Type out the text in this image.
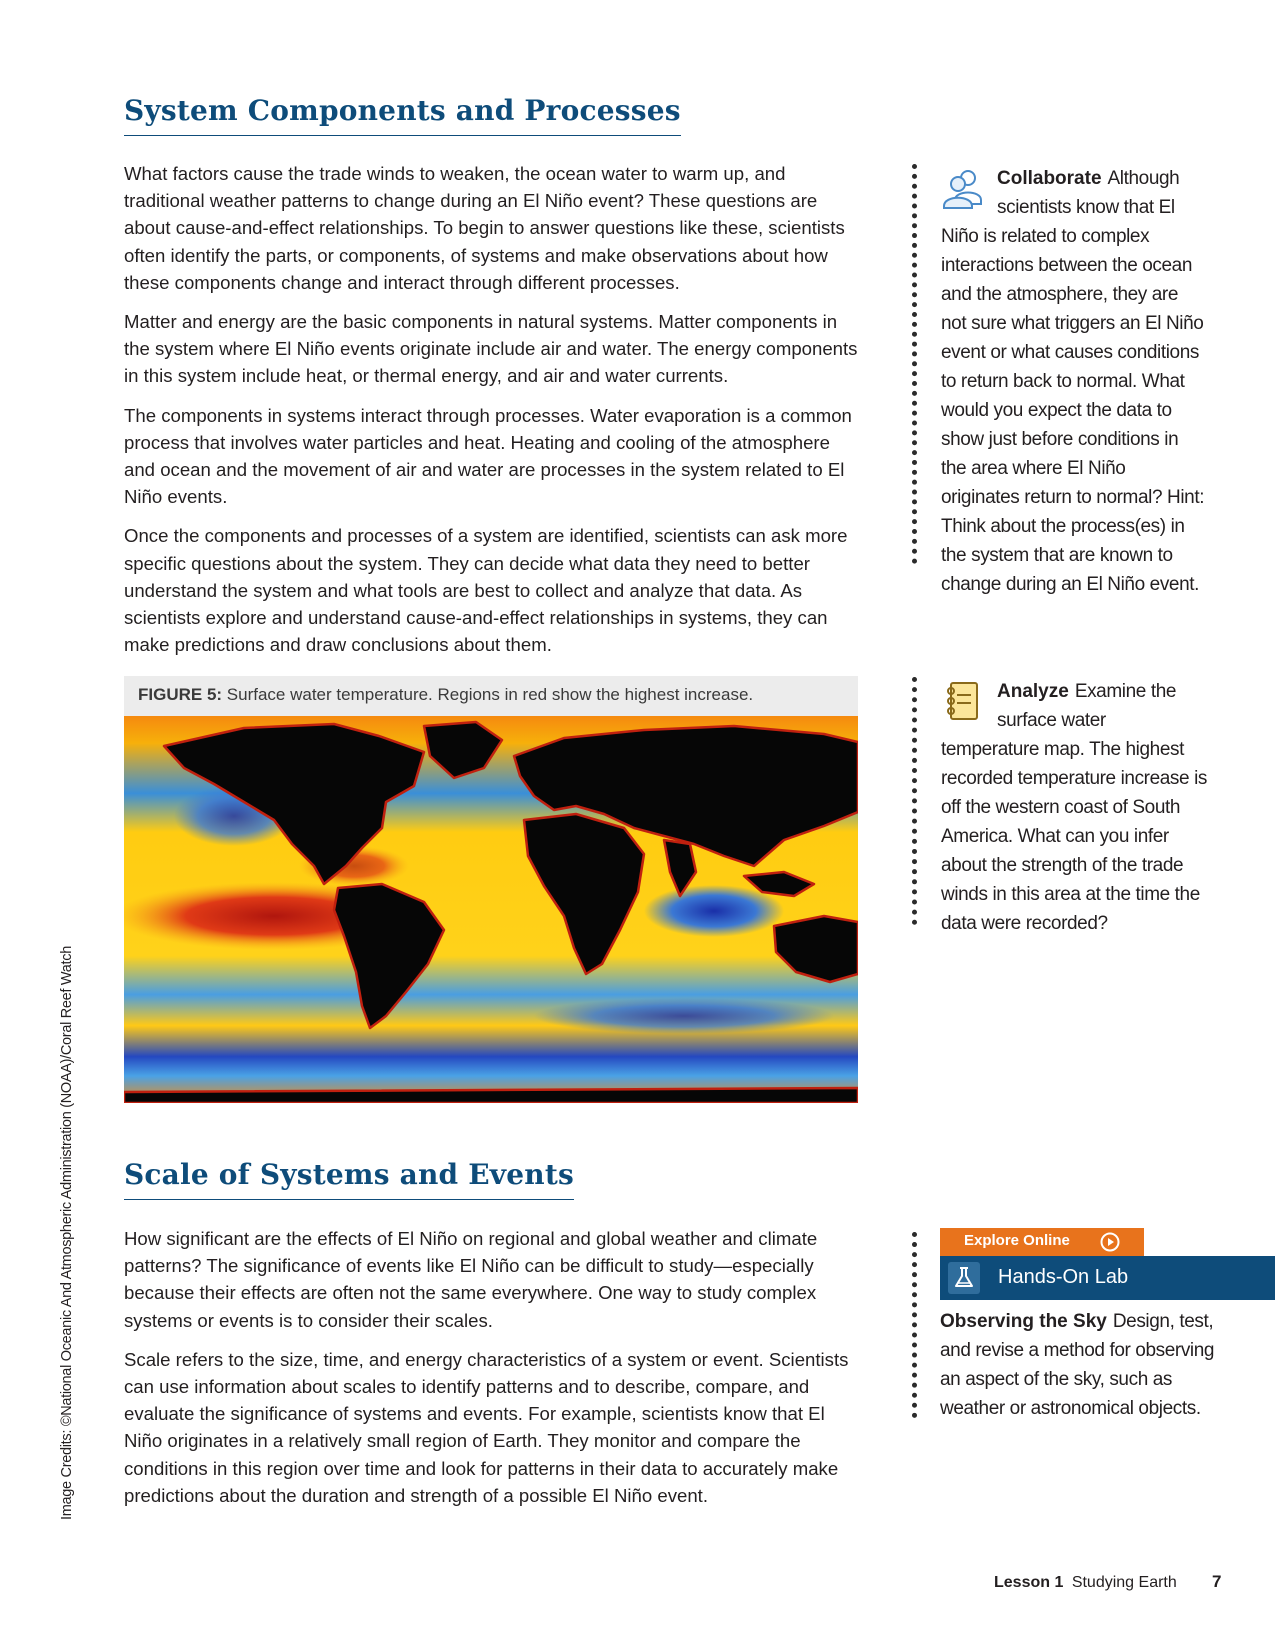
System Components and Processes

What factors cause the trade winds to weaken, the ocean water to warm up, and traditional weather patterns to change during an El Niño event? These questions are about cause-and-effect relationships. To begin to answer questions like these, scientists often identify the parts, or components, of systems and make observations about how these components change and interact through different processes.

Matter and energy are the basic components in natural systems. Matter components in the system where El Niño events originate include air and water. The energy components in this system include heat, or thermal energy, and air and water currents.

The components in systems interact through processes. Water evaporation is a common process that involves water particles and heat. Heating and cooling of the atmosphere and ocean and the movement of air and water are processes in the system related to El Niño events.

Once the components and processes of a system are identified, scientists can ask more specific questions about the system. They can decide what data they need to better understand the system and what tools are best to collect and analyze that data. As scientists explore and understand cause-and-effect relationships in systems, they can make predictions and draw conclusions about them.

FIGURE 5: Surface water temperature. Regions in red show the highest increase.
Collaborate Although scientists know that El Niño is related to complex interactions between the ocean and the atmosphere, they are not sure what triggers an El Niño event or what causes conditions to return back to normal. What would you expect the data to show just before conditions in the area where El Niño originates return to normal? Hint: Think about the process(es) in the system that are known to change during an El Niño event.
Analyze Examine the surface water temperature map. The highest recorded temperature increase is off the western coast of South America. What can you infer about the strength of the trade winds in this area at the time the data were recorded?
Scale of Systems and Events

How significant are the effects of El Niño on regional and global weather and climate patterns? The significance of events like El Niño can be difficult to study—especially because their effects are often not the same everywhere. One way to study complex systems or events is to consider their scales.

Scale refers to the size, time, and energy characteristics of a system or event. Scientists can use information about scales to identify patterns and to describe, compare, and evaluate the significance of systems and events. For example, scientists know that El Niño originates in a relatively small region of Earth. They monitor and compare the conditions in this region over time and look for patterns in their data to accurately make predictions about the duration and strength of a possible El Niño event.

Explore Online
Hands-On Lab
Observing the Sky Design, test, and revise a method for observing an aspect of the sky, such as weather or astronomical objects.
Image Credits: ©National Oceanic And Atmospheric Administration (NOAA)/Coral Reef Watch
Lesson 1 Studying Earth 7
